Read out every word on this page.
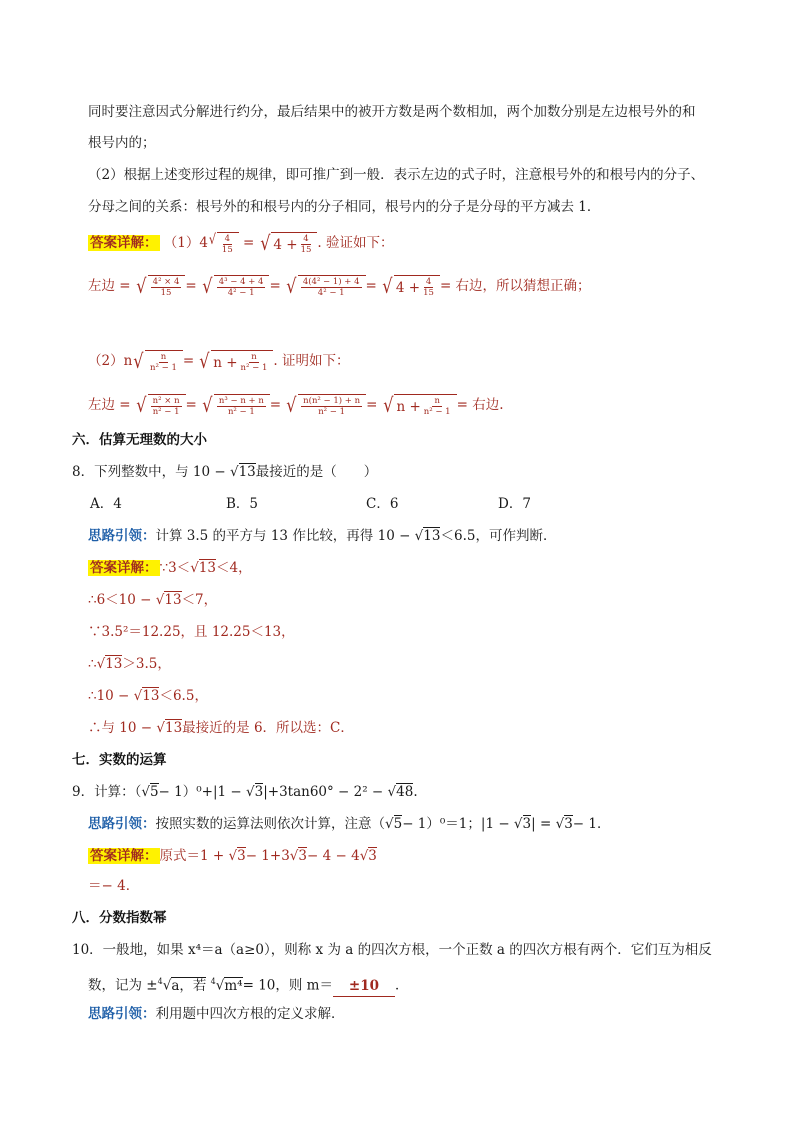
同时要注意因式分解进行约分，最后结果中的被开方数是两个数相加，两个加数分别是左边根号外的和
根号内的；
（2）根据上述变形过程的规律，即可推广到一般．表示左边的式子时，注意根号外的和根号内的分子、
分母之间的关系：根号外的和根号内的分子相同，根号内的分子是分母的平方减去 1．
答案详解： （1）4 √ $\frac{4}{15}$ = √ $4 + \frac{4}{15}$ . 验证如下：
左边 = √ $\frac{\text{4² × 4}}{15}$ = √ $\frac{\text{4³ − 4 + 4}}{\text{4² − 1}}$ = √ $\frac{\text{4(4² − 1) + 4}}{\text{4² − 1}}$ = √ $4 + \frac{4}{15}$ = 右边，所以猜想正确；
（2）n √ $\frac{n}{\text{n² − 1}}$ = √ $n + \frac{n}{\text{n² − 1}}$ . 证明如下：
左边 = √ $\frac{\text{n² × n}}{\text{n² − 1}}$ = √ $\frac{\text{n³ − n + n}}{\text{n² − 1}}$ = √ $\frac{\text{n(n² − 1) + n}}{\text{n² − 1}}$ = √ $n + \frac{n}{\text{n² − 1}}$ = 右边.
六．估算无理数的大小
8．下列整数中，与 10 − √13最接近的是（　　）
A．4	B．5	C．6	D．7
思路引领：计算 3.5 的平方与 13 作比较，再得 10 − √13＜6.5，可作判断．
答案详解： ∵3＜√13＜4，
∴6＜10 − √13＜7，
∵3.5²＝12.25，且 12.25＜13，
∴√13＞3.5，
∴10 − √13＜6.5，
∴与 10 − √13最接近的是 6．所以选：C．
七．实数的运算
9．计算：（√5− 1）⁰+|1 − √3|+3tan60° − 2² − √48.
思路引领：按照实数的运算法则依次计算，注意（√5− 1）⁰＝1；|1 − √3| = √3− 1．
答案详解： 原式＝1 + √3− 1+3√3− 4 − 4√3
＝− 4．
八．分数指数幂
10．一般地，如果 x⁴＝a（a≥0），则称 x 为 a 的四次方根，一个正数 a 的四次方根有两个．它们互为相反
数，记为 ±$^4$√a，若 $^4$√m⁴= 10，则 m＝ ±10 ．
思路引领：利用题中四次方根的定义求解．
